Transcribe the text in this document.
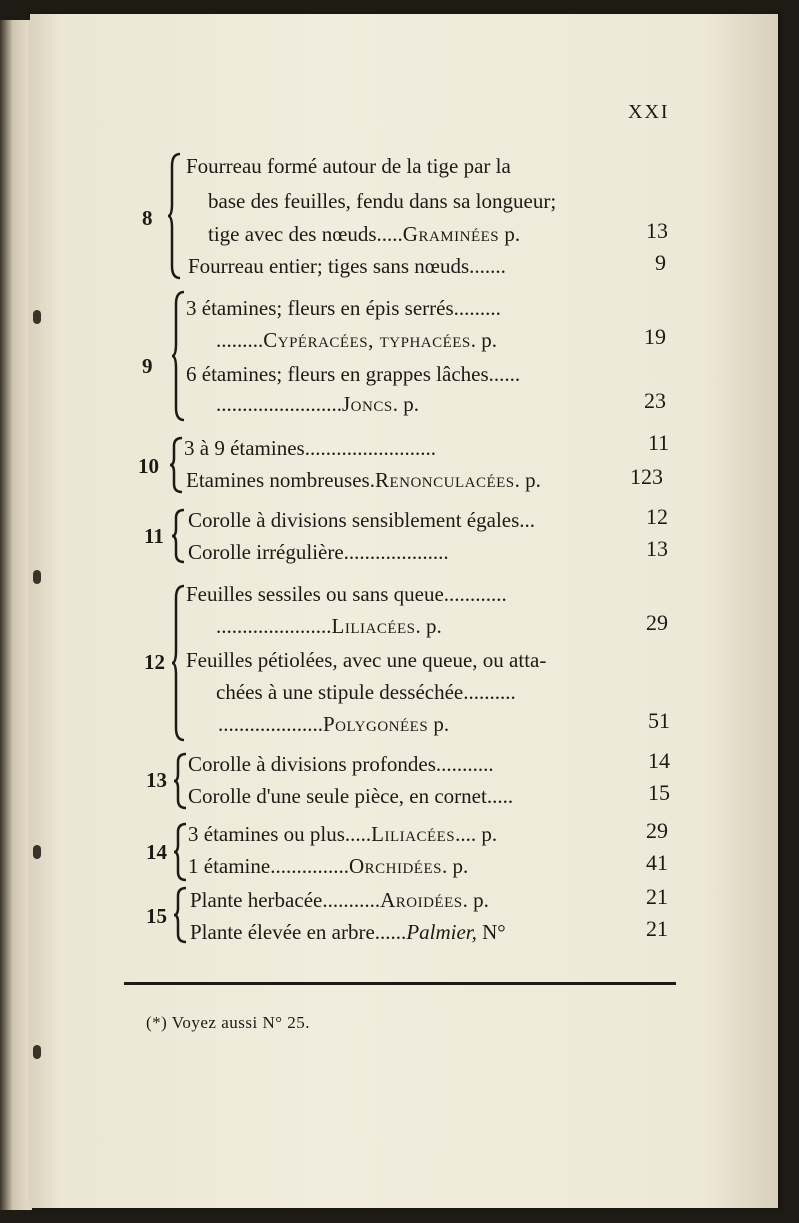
XXI
8
Fourreau formé autour de la tige par la
base des feuilles, fendu dans sa longueur;
tige avec des nœuds.....Graminées p.	13
Fourreau entier; tiges sans nœuds.......	9
9
3 étamines; fleurs en épis serrés.........
.........Cypéracées, typhacées. p.	19
6 étamines; fleurs en grappes lâches......
........................Joncs. p.	23
10
3 à 9 étamines.........................	11
Etamines nombreuses.Renonculacées. p.	123
11
Corolle à divisions sensiblement égales...	12
Corolle irrégulière....................	13
12
Feuilles sessiles ou sans queue............
......................Liliacées. p.	29
Feuilles pétiolées, avec une queue, ou atta-
chées à une stipule desséchée..........
....................Polygonées p.	51
13
Corolle à divisions profondes...........	14
Corolle d'une seule pièce, en cornet.....	15
14
3 étamines ou plus.....Liliacées.... p.	29
1 étamine...............Orchidées. p.	41
15
Plante herbacée...........Aroidées. p.	21
Plante élevée en arbre......Palmier, N°	21
(*) Voyez aussi N° 25.
